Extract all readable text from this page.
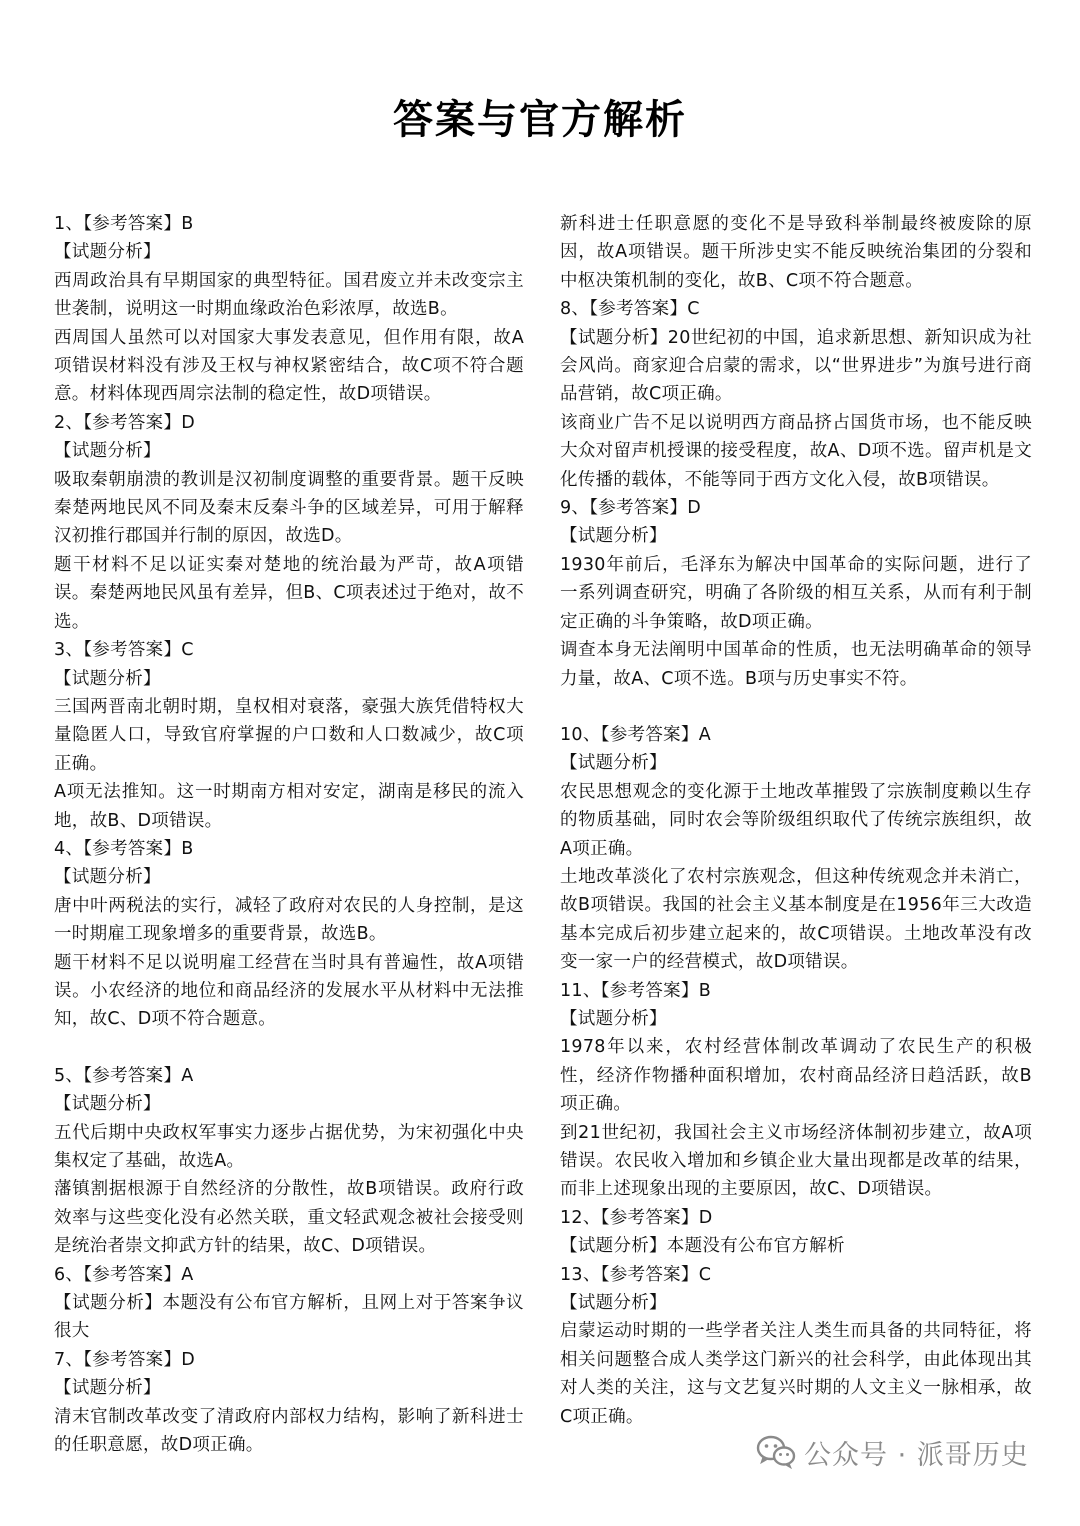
答案与官方解析

1、【参考答案】B

【试题分析】

西周政治具有早期国家的典型特征。国君废立并未改变宗主世袭制，说明这一时期血缘政治色彩浓厚，故选B。

西周国人虽然可以对国家大事发表意见，但作用有限，故A项错误材料没有涉及王权与神权紧密结合，故C项不符合题意。材料体现西周宗法制的稳定性，故D项错误。

2、【参考答案】D

【试题分析】

吸取秦朝崩溃的教训是汉初制度调整的重要背景。题干反映秦楚两地民风不同及秦末反秦斗争的区域差异，可用于解释汉初推行郡国并行制的原因，故选D。

题干材料不足以证实秦对楚地的统治最为严苛，故A项错误。秦楚两地民风虽有差异，但B、C项表述过于绝对，故不选。

3、【参考答案】C

【试题分析】

三国两晋南北朝时期，皇权相对衰落，豪强大族凭借特权大量隐匿人口，导致官府掌握的户口数和人口数减少，故C项正确。

A项无法推知。这一时期南方相对安定，湖南是移民的流入地，故B、D项错误。

4、【参考答案】B

【试题分析】

唐中叶两税法的实行，减轻了政府对农民的人身控制，是这一时期雇工现象增多的重要背景，故选B。

题干材料不足以说明雇工经营在当时具有普遍性，故A项错误。小农经济的地位和商品经济的发展水平从材料中无法推知，故C、D项不符合题意。

5、【参考答案】A

【试题分析】

五代后期中央政权军事实力逐步占据优势，为宋初强化中央集权定了基础，故选A。

藩镇割据根源于自然经济的分散性，故B项错误。政府行政效率与这些变化没有必然关联，重文轻武观念被社会接受则是统治者崇文抑武方针的结果，故C、D项错误。

6、【参考答案】A

【试题分析】本题没有公布官方解析，且网上对于答案争议很大

7、【参考答案】D

【试题分析】

清末官制改革改变了清政府内部权力结构，影响了新科进士的任职意愿，故D项正确。

新科进士任职意愿的变化不是导致科举制最终被废除的原因，故A项错误。题干所涉史实不能反映统治集团的分裂和中枢决策机制的变化，故B、C项不符合题意。

8、【参考答案】C

【试题分析】20世纪初的中国，追求新思想、新知识成为社会风尚。商家迎合启蒙的需求，以“世界进步”为旗号进行商品营销，故C项正确。

该商业广告不足以说明西方商品挤占国货市场，也不能反映大众对留声机授课的接受程度，故A、D项不选。留声机是文化传播的载体，不能等同于西方文化入侵，故B项错误。

9、【参考答案】D

【试题分析】

1930年前后，毛泽东为解决中国革命的实际问题，进行了一系列调查研究，明确了各阶级的相互关系，从而有利于制定正确的斗争策略，故D项正确。

调查本身无法阐明中国革命的性质，也无法明确革命的领导力量，故A、C项不选。B项与历史事实不符。

10、【参考答案】A

【试题分析】

农民思想观念的变化源于土地改革摧毁了宗族制度赖以生存的物质基础，同时农会等阶级组织取代了传统宗族组织，故A项正确。

土地改革淡化了农村宗族观念，但这种传统观念并未消亡，故B项错误。我国的社会主义基本制度是在1956年三大改造基本完成后初步建立起来的，故C项错误。土地改革没有改变一家一户的经营模式，故D项错误。

11、【参考答案】B

【试题分析】

1978年以来，农村经营体制改革调动了农民生产的积极性，经济作物播种面积增加，农村商品经济日趋活跃，故B项正确。

到21世纪初，我国社会主义市场经济体制初步建立，故A项错误。农民收入增加和乡镇企业大量出现都是改革的结果，而非上述现象出现的主要原因，故C、D项错误。

12、【参考答案】D

【试题分析】本题没有公布官方解析

13、【参考答案】C

【试题分析】

启蒙运动时期的一些学者关注人类生而具备的共同特征，将相关问题整合成人类学这门新兴的社会科学，由此体现出其对人类的关注，这与文艺复兴时期的人文主义一脉相承，故C项正确。

公众号 · 派哥历史
